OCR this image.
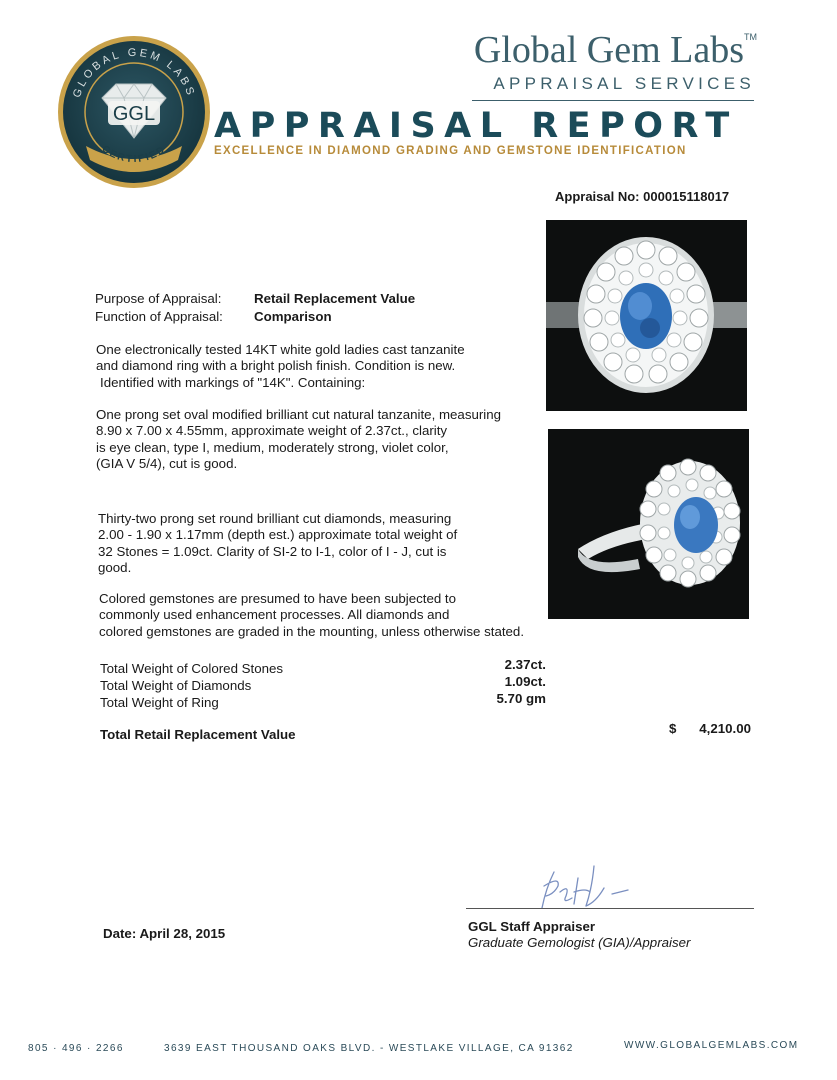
GLOBAL GEM LABS
GGL
CERTIFIED
Global Gem Labs™
APPRAISAL SERVICES
APPRAISAL REPORT
EXCELLENCE IN DIAMOND GRADING AND GEMSTONE IDENTIFICATION
Appraisal No: 000015118017
Purpose of Appraisal: Retail Replacement Value
Function of Appraisal: Comparison
One electronically tested 14KT white gold ladies cast tanzanite
and diamond ring with a bright polish finish. Condition is new.
Identified with markings of "14K". Containing:
One prong set oval modified brilliant cut natural tanzanite, measuring
8.90 x 7.00 x 4.55mm, approximate weight of 2.37ct., clarity
is eye clean, type I, medium, moderately strong, violet color,
(GIA V 5/4), cut is good.
Thirty-two prong set round brilliant cut diamonds, measuring
2.00 - 1.90 x 1.17mm (depth est.) approximate total weight of
32 Stones = 1.09ct. Clarity of SI-2 to I-1, color of I - J, cut is
good.
Colored gemstones are presumed to have been subjected to
commonly used enhancement processes. All diamonds and
colored gemstones are graded in the mounting, unless otherwise stated.
Total Weight of Colored Stones	2.37ct.
Total Weight of Diamonds	1.09ct.
Total Weight of Ring	5.70 gm
Total Retail Replacement Value	$ 4,210.00
GGL Staff Appraiser
Graduate Gemologist (GIA)/Appraiser
Date: April 28, 2015
805 · 496 · 2266	3639 EAST THOUSAND OAKS BLVD. - WESTLAKE VILLAGE, CA 91362	WWW.GLOBALGEMLABS.COM
